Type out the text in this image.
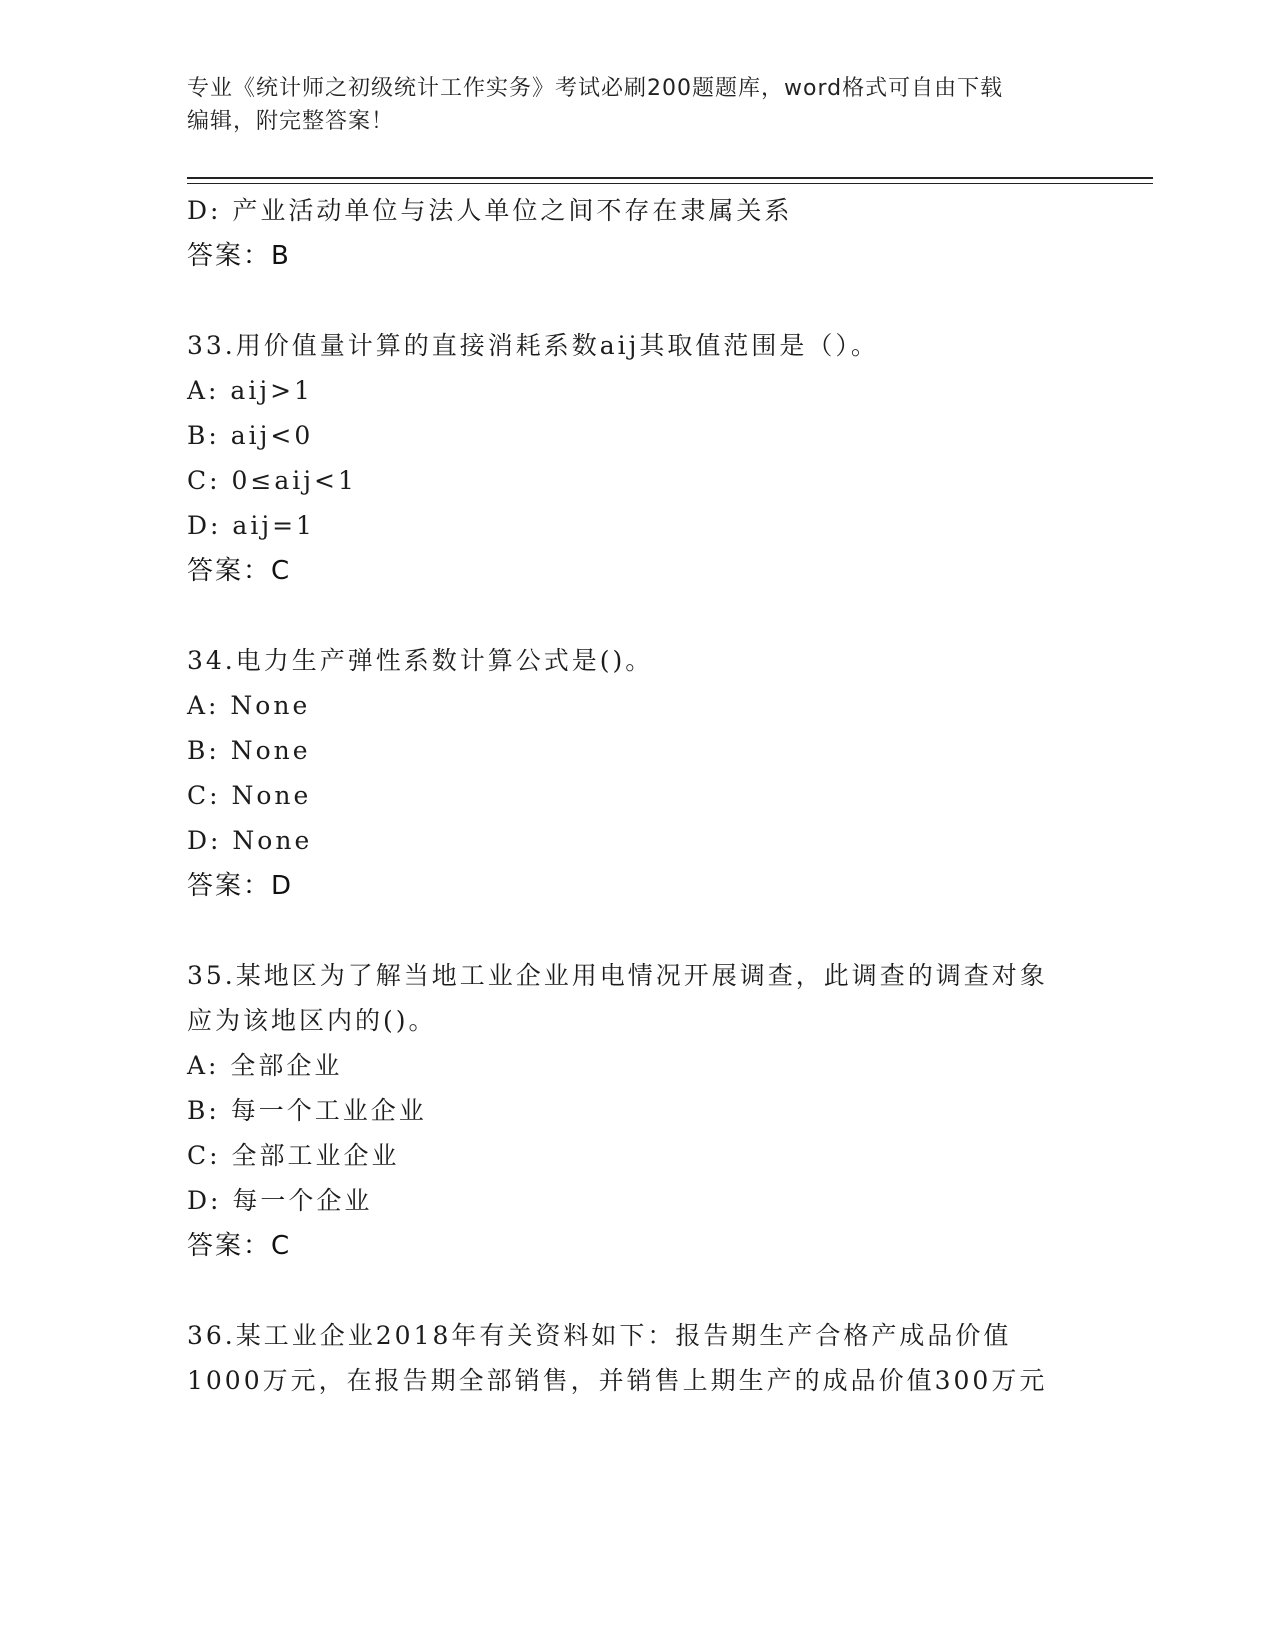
专业《统计师之初级统计工作实务》考试必刷200题题库，word格式可自由下载
编辑，附完整答案！
D: 产业活动单位与法人单位之间不存在隶属关系
答案：B
33.用价值量计算的直接消耗系数aij其取值范围是（）。
A: aij>1
B: aij<0
C: 0≤aij<1
D: aij=1
答案：C
34.电力生产弹性系数计算公式是()。
A: None
B: None
C: None
D: None
答案：D
35.某地区为了解当地工业企业用电情况开展调查，此调查的调查对象
应为该地区内的()。
A: 全部企业
B: 每一个工业企业
C: 全部工业企业
D: 每一个企业
答案：C
36.某工业企业2018年有关资料如下：报告期生产合格产成品价值
1000万元，在报告期全部销售，并销售上期生产的成品价值300万元
